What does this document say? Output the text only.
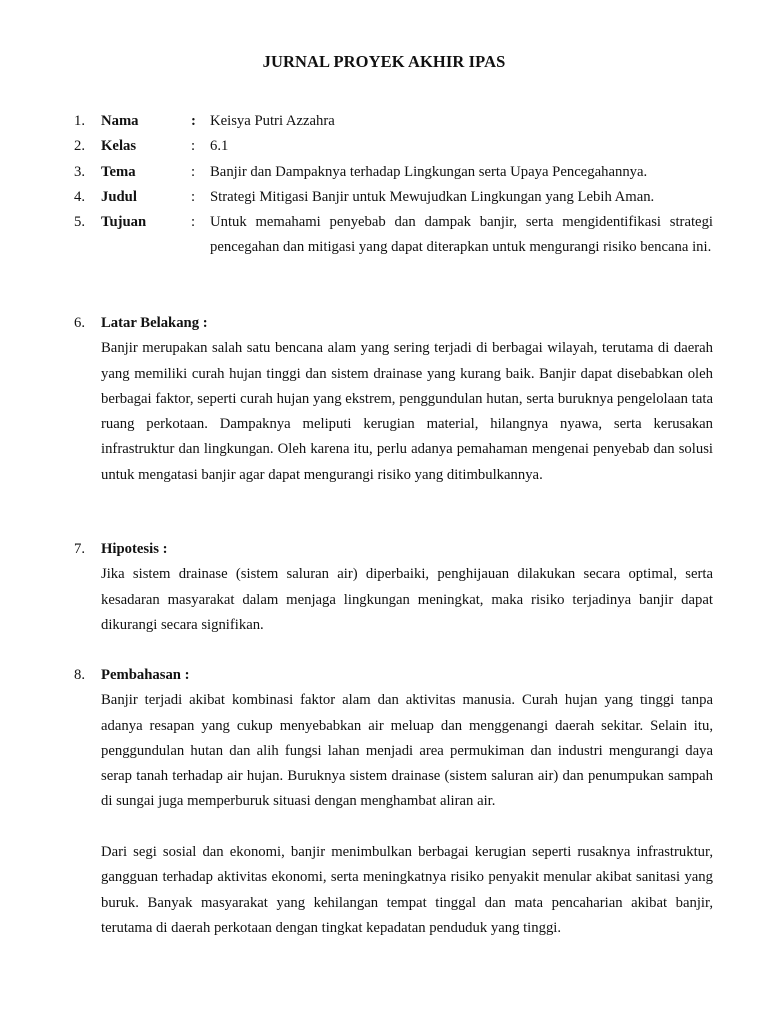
JURNAL PROYEK AKHIR IPAS
1.	Nama	: Keisya Putri Azzahra
2.	Kelas	:	6.1
3.	Tema	:	Banjir dan Dampaknya terhadap Lingkungan serta Upaya Pencegahannya.
4.	Judul	:	Strategi Mitigasi Banjir untuk Mewujudkan Lingkungan yang Lebih Aman.
5.	Tujuan	:	Untuk memahami penyebab dan dampak banjir, serta mengidentifikasi strategi pencegahan dan mitigasi yang dapat diterapkan untuk mengurangi risiko bencana ini.
6.	Latar Belakang :

Banjir merupakan salah satu bencana alam yang sering terjadi di berbagai wilayah, terutama di daerah yang memiliki curah hujan tinggi dan sistem drainase yang kurang baik. Banjir dapat disebabkan oleh berbagai faktor, seperti curah hujan yang ekstrem, penggundulan hutan, serta buruknya pengelolaan tata ruang perkotaan. Dampaknya meliputi kerugian material, hilangnya nyawa, serta kerusakan infrastruktur dan lingkungan. Oleh karena itu, perlu adanya pemahaman mengenai penyebab dan solusi untuk mengatasi banjir agar dapat mengurangi risiko yang ditimbulkannya.

7.	Hipotesis :

Jika sistem drainase (sistem saluran air) diperbaiki, penghijauan dilakukan secara optimal, serta kesadaran masyarakat dalam menjaga lingkungan meningkat, maka risiko terjadinya banjir dapat dikurangi secara signifikan.

8.	Pembahasan :

Banjir terjadi akibat kombinasi faktor alam dan aktivitas manusia. Curah hujan yang tinggi tanpa adanya resapan yang cukup menyebabkan air meluap dan menggenangi daerah sekitar. Selain itu, penggundulan hutan dan alih fungsi lahan menjadi area permukiman dan industri mengurangi daya serap tanah terhadap air hujan. Buruknya sistem drainase (sistem saluran air) dan penumpukan sampah di sungai juga memperburuk situasi dengan menghambat aliran air.

Dari segi sosial dan ekonomi, banjir menimbulkan berbagai kerugian seperti rusaknya infrastruktur, gangguan terhadap aktivitas ekonomi, serta meningkatnya risiko penyakit menular akibat sanitasi yang buruk. Banyak masyarakat yang kehilangan tempat tinggal dan mata pencaharian akibat banjir, terutama di daerah perkotaan dengan tingkat kepadatan penduduk yang tinggi.
